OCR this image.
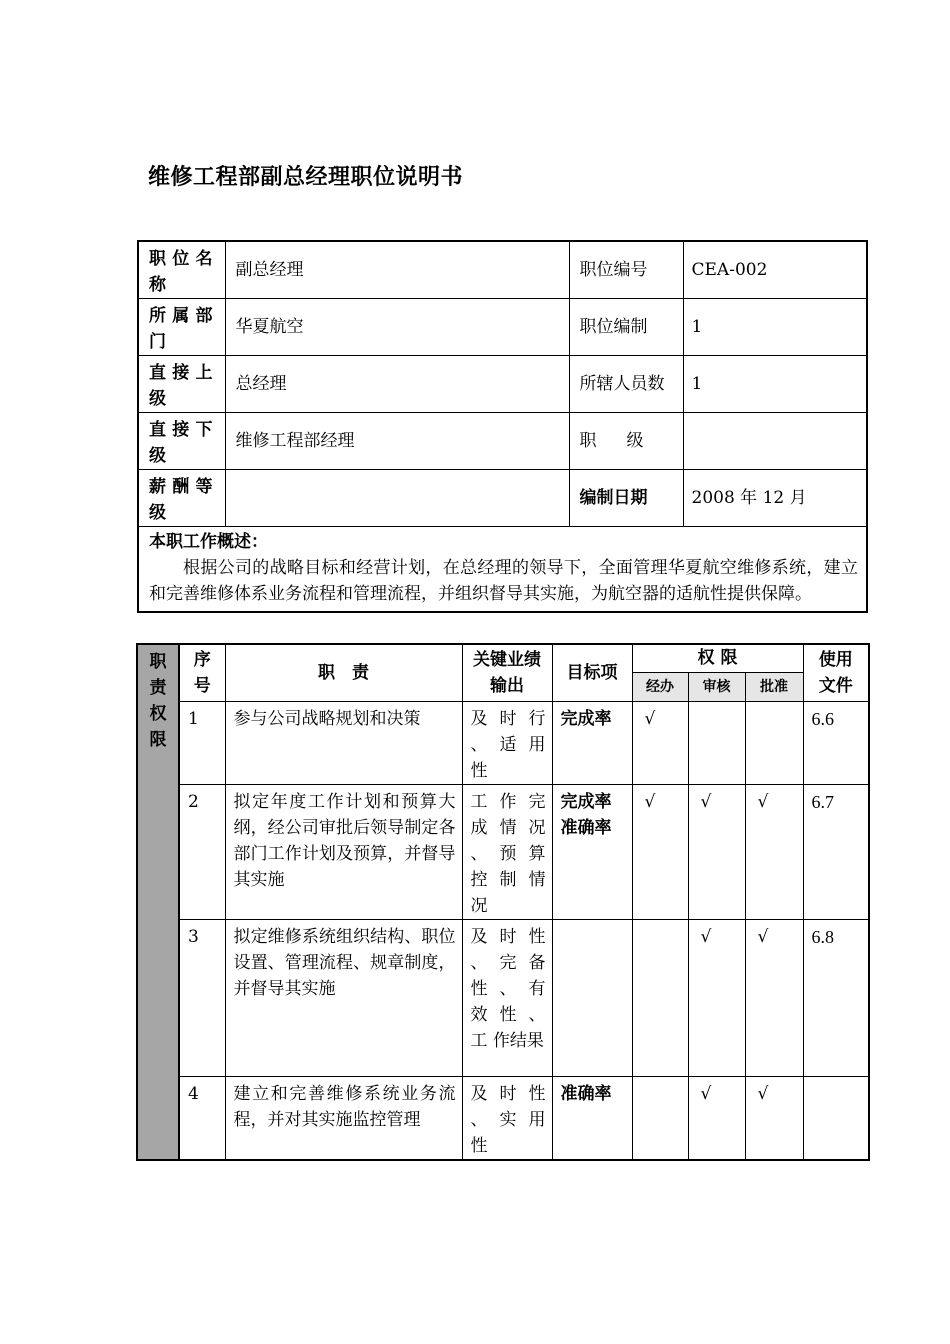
维修工程部副总经理职位说明书
职位名称	副总经理	职位编号	CEA-002
所属部门	华夏航空	职位编制	1
直接上级	总经理	所辖人员数	1
直接下级	维修工程部经理	职级	
薪酬等级		编制日期	2008 年 12 月

本职工作概述：
根据公司的战略目标和经营计划，在总经理的领导下，全面管理华夏航空维修系统，建立和完善维修体系业务流程和管理流程，并组织督导其实施，为航空器的适航性提供保障。			
职责权限	序号	职　责	关键业绩输出	目标项	权 限			使用文件
					经办	审核	批准	
	1	参与公司战略规划和决策	及 时 行 、 适 用性	完成率	√			6.6
	2	拟定年度工作计划和预算大纲，经公司审批后领导制定各部门工作计划及预算，并督导其实施	工 作 完 成 情 况 、 预 算 控 制 情况	完成率准确率	√	√	√	6.7
	3	拟定维修系统组织结构、职位设置、管理流程、规章制度，并督导其实施	及 时 性 、 完 备 性 、 有 效 性 、 工 作结果			√	√	6.8
	4	建立和完善维修系统业务流程，并对其实施监控管理	及 时 性 、 实 用性	准确率		√	√	
